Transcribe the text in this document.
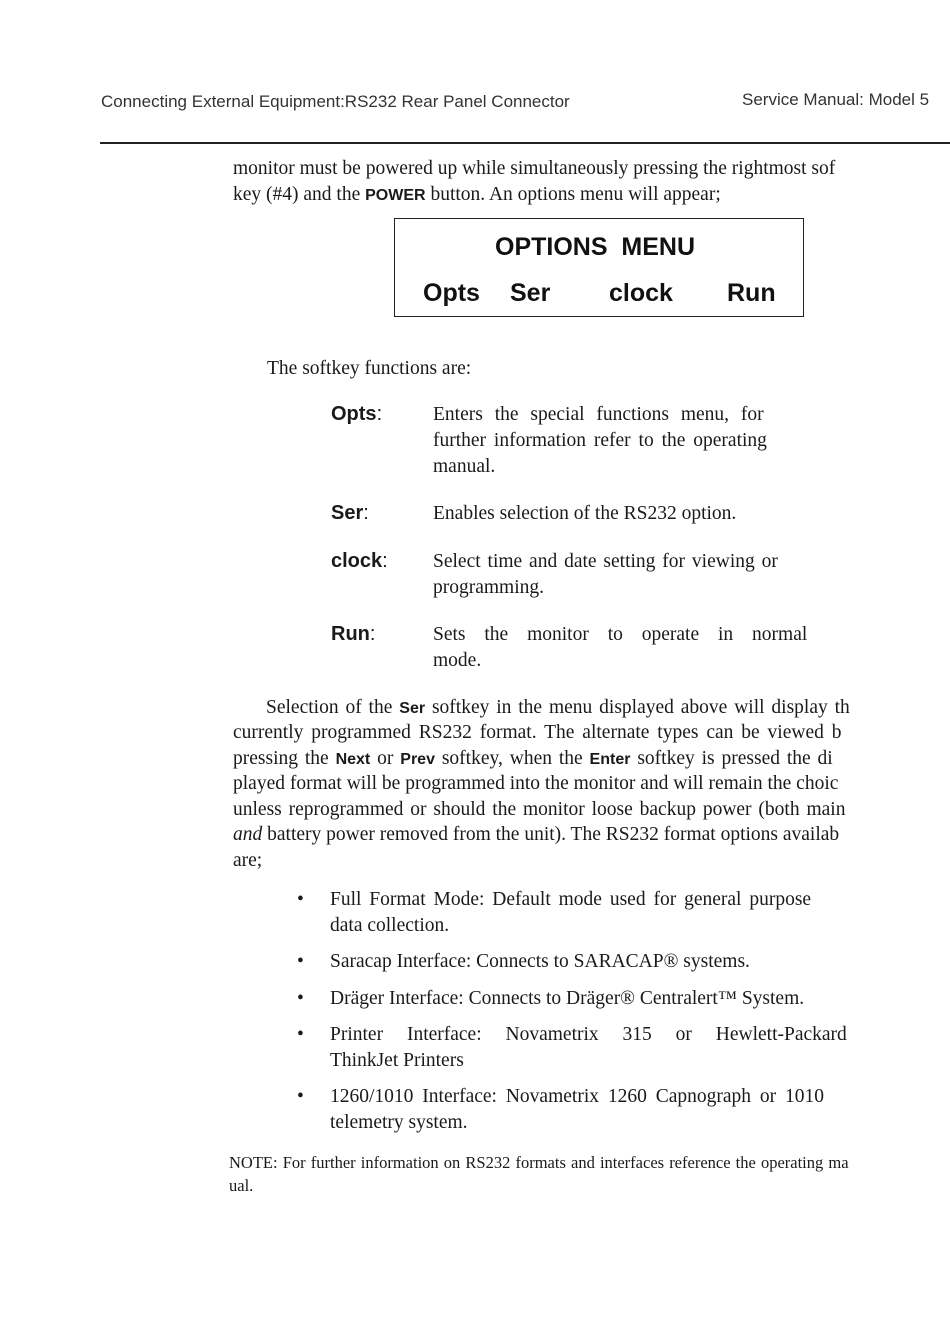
Connecting External Equipment:RS232 Rear Panel Connector	Service Manual: Model 5
monitor must be powered up while simultaneously pressing the rightmost sof
key (#4) and the POWER button. An options menu will appear;
OPTIONS  MENU
Opts Ser clock Run
The softkey functions are:
Opts:	Enters the special functions menu, for
further information refer to the operating
manual.
Ser:	Enables selection of the RS232 option.
clock: Select time and date setting for viewing or
programming.
Run:	Sets the monitor to operate in normal
mode.
Selection of the Ser softkey in the menu displayed above will display th
currently programmed RS232 format. The alternate types can be viewed b
pressing the Next or Prev softkey, when the Enter softkey is pressed the di
played format will be programmed into the monitor and will remain the choic
unless reprogrammed or should the monitor loose backup power (both main
and battery power removed from the unit). The RS232 format options availab
are;
• Full Format Mode: Default mode used for general purpose
data collection.
• Saracap Interface: Connects to SARACAP® systems.
• Dräger Interface: Connects to Dräger® Centralert™ System.
• Printer Interface: Novametrix 315 or Hewlett-Packard
ThinkJet Printers
• 1260/1010 Interface: Novametrix 1260 Capnograph or 1010
telemetry system.
NOTE: For further information on RS232 formats and interfaces reference the operating ma
ual.
